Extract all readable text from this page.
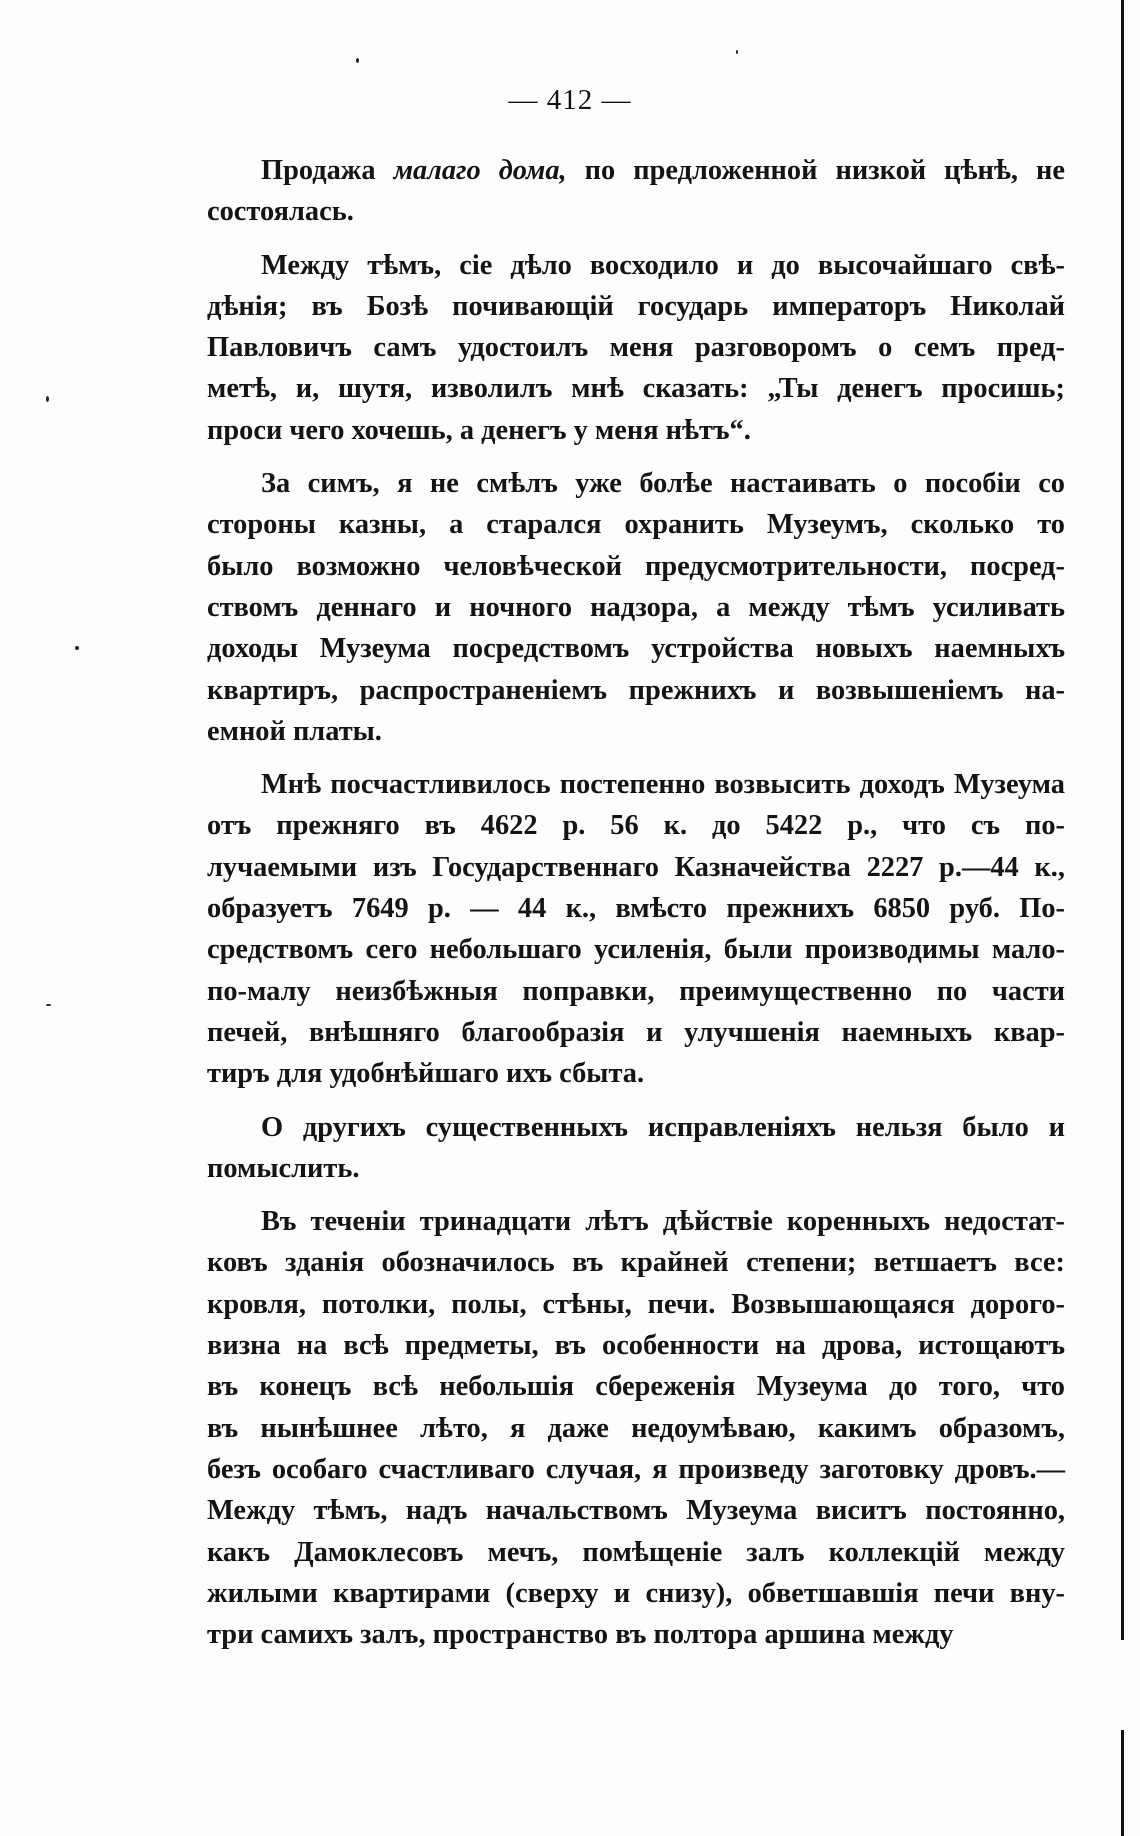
— 412 —

Продажа малаго дома, по предложенной низкой цѣнѣ, не
состоялась.

Между тѣмъ, сіе дѣло восходило и до высочайшаго свѣ-
дѣнія; въ Бозѣ почивающій государь императоръ Николай
Павловичъ самъ удостоилъ меня разговоромъ о семъ пред-
метѣ, и, шутя, изволилъ мнѣ сказать: „Ты денегъ просишь;
проси чего хочешь, а денегъ у меня нѣтъ“.

За симъ, я не смѣлъ уже болѣе настаивать о пособіи со
стороны казны, а старался охранить Музеумъ, сколько то
было возможно человѣческой предусмотрительности, посред-
ствомъ деннаго и ночного надзора, а между тѣмъ усиливать
доходы Музеума посредствомъ устройства новыхъ наемныхъ
квартиръ, распространеніемъ прежнихъ и возвышеніемъ на-
емной платы.

Мнѣ посчастливилось постепенно возвысить доходъ Музеума
отъ прежняго въ 4622 р. 56 к. до 5422 р., что съ по-
лучаемыми изъ Государственнаго Казначейства 2227 р.—44 к.,
образуетъ 7649 р. — 44 к., вмѣсто прежнихъ 6850 руб. По-
средствомъ сего небольшаго усиленія, были производимы мало-
по-малу неизбѣжныя поправки, преимущественно по части
печей, внѣшняго благообразія и улучшенія наемныхъ квар-
тиръ для удобнѣйшаго ихъ сбыта.

О другихъ существенныхъ исправленіяхъ нельзя было и
помыслить.

Въ теченіи тринадцати лѣтъ дѣйствіе коренныхъ недостат-
ковъ зданія обозначилось въ крайней степени; ветшаетъ все:
кровля, потолки, полы, стѣны, печи. Возвышающаяся дорого-
визна на всѣ предметы, въ особенности на дрова, истощаютъ
въ конецъ всѣ небольшія сбереженія Музеума до того, что
въ нынѣшнее лѣто, я даже недоумѣваю, какимъ образомъ,
безъ особаго счастливаго случая, я произведу заготовку дровъ.—
Между тѣмъ, надъ начальствомъ Музеума виситъ постоянно,
какъ Дамоклесовъ мечъ, помѣщеніе залъ коллекцій между
жилыми квартирами (сверху и снизу), обветшавшія печи вну-
три самихъ залъ, пространство въ полтора аршина между
